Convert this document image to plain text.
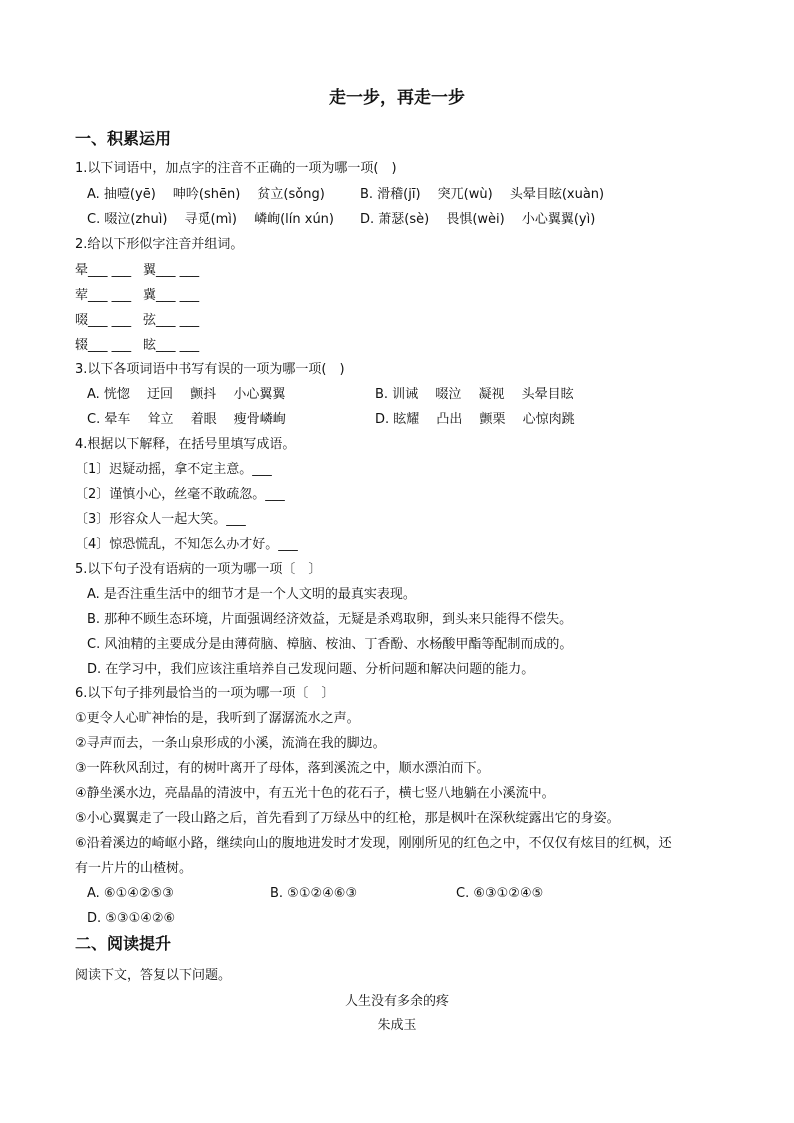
走一步，再走一步
一、积累运用
1.以下词语中，加点字的注音不正确的一项为哪一项(　)
A. 抽噎(yē)　 呻吟(shēn)　 贫立(sǒng)	B. 滑稽(jī)　 突兀(wù)　 头晕目眩(xuàn)
C. 啜泣(zhuì)　 寻觅(mì)　 嶙峋(lín xún) D. 萧瑟(sè)　 畏惧(wèi)　 小心翼翼(yì)
2.给以下形似字注音并组词。
晕___ ___ 翼___ ___
荤___ ___ 冀___ ___
啜___ ___ 弦___ ___
辍___ ___ 眩___ ___
3.以下各项词语中书写有误的一项为哪一项(　)
A. 恍惚　 迂回　 颤抖　 小心翼翼	B. 训诫　 啜泣　 凝视　 头晕目眩
C. 晕车　 耸立　 着眼　 瘦骨嶙峋	D. 眩耀　 凸出　 颤栗　 心惊肉跳
4.根据以下解释，在括号里填写成语。
〔1〕迟疑动摇，拿不定主意。___
〔2〕谨慎小心，丝毫不敢疏忽。___
〔3〕形容众人一起大笑。___
〔4〕惊恐慌乱，不知怎么办才好。___
5.以下句子没有语病的一项为哪一项〔　〕
A. 是否注重生活中的细节才是一个人文明的最真实表现。
B. 那种不顾生态环境，片面强调经济效益，无疑是杀鸡取卵，到头来只能得不偿失。
C. 风油精的主要成分是由薄荷脑、樟脑、桉油、丁香酚、水杨酸甲酯等配制而成的。
D. 在学习中，我们应该注重培养自己发现问题、分析问题和解决问题的能力。
6.以下句子排列最恰当的一项为哪一项〔　〕
①更令人心旷神怡的是，我听到了潺潺流水之声。
②寻声而去，一条山泉形成的小溪，流淌在我的脚边。
③一阵秋风刮过，有的树叶离开了母体，落到溪流之中，顺水漂泊而下。
④静坐溪水边，亮晶晶的清波中，有五光十色的花石子，横七竖八地躺在小溪流中。
⑤小心翼翼走了一段山路之后，首先看到了万绿丛中的红枪，那是枫叶在深秋绽露出它的身姿。
⑥沿着溪边的崎岖小路，继续向山的腹地进发时才发现，刚刚所见的红色之中，不仅仅有炫目的红枫，还
有一片片的山楂树。
A. ⑥①④②⑤③	B. ⑤①②④⑥③	C. ⑥③①②④⑤
D. ⑤③①④②⑥
二、阅读提升
阅读下文，答复以下问题。
人生没有多余的疼
朱成玉
